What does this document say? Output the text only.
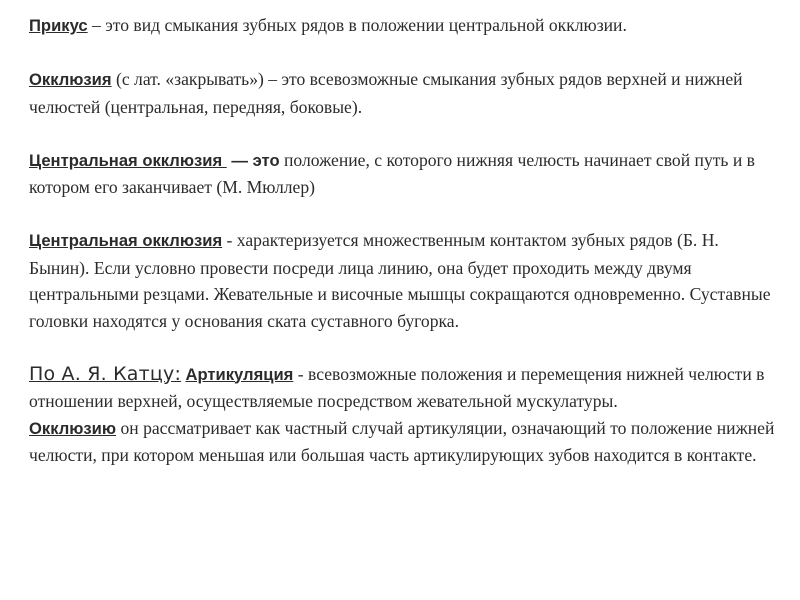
Прикус – это вид смыкания зубных рядов в положении центральной окклюзии.

Окклюзия (с лат. «закрывать») – это всевозможные смыкания зубных рядов верхней и нижней челюстей (центральная, передняя, боковые).

Центральная окклюзия  — это положение, с которого нижняя челюсть начинает свой путь и в котором его заканчивает (М. Мюллер)

Центральная окклюзия - характеризуется множественным контактом зубных рядов (Б. Н. Бынин). Если условно провести посреди лица линию, она будет проходить между двумя центральными резцами. Жевательные и височные мышцы сокращаются одновременно. Суставные головки находятся у основания ската суставного бугорка.

По А. Я. Катцу: Артикуляция - всевозможные положения и перемещения нижней челюсти в отношении верхней, осуществляемые посредством жевательной мускулатуры.

Окклюзию он рассматривает как частный случай артикуляции, означающий то положение нижней челюсти, при котором меньшая или большая часть артикулирующих зубов находится в контакте.
